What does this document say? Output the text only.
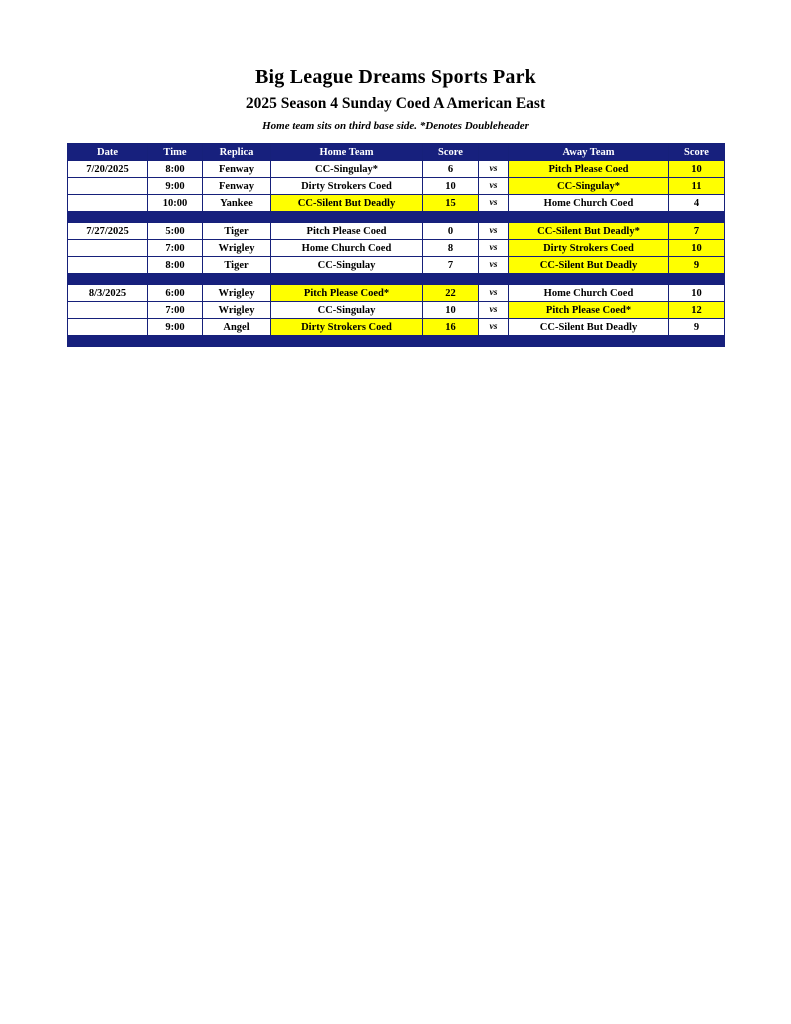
Big League Dreams Sports Park
2025 Season 4 Sunday Coed A American East
Home team sits on third base side. *Denotes Doubleheader
Date	Time	Replica	Home Team	Score		Away Team	Score
7/20/2025	8:00	Fenway	CC-Singulay*	6	vs	Pitch Please Coed	10
	9:00	Fenway	Dirty Strokers Coed	10	vs	CC-Singulay*	11
	10:00	Yankee	CC-Silent But Deadly	15	vs	Home Church Coed	4

7/27/2025	5:00	Tiger	Pitch Please Coed	0	vs	CC-Silent But Deadly*	7
	7:00	Wrigley	Home Church Coed	8	vs	Dirty Strokers Coed	10
	8:00	Tiger	CC-Singulay	7	vs	CC-Silent But Deadly	9

8/3/2025	6:00	Wrigley	Pitch Please Coed*	22	vs	Home Church Coed	10
	7:00	Wrigley	CC-Singulay	10	vs	Pitch Please Coed*	12
	9:00	Angel	Dirty Strokers Coed	16	vs	CC-Silent But Deadly	9
